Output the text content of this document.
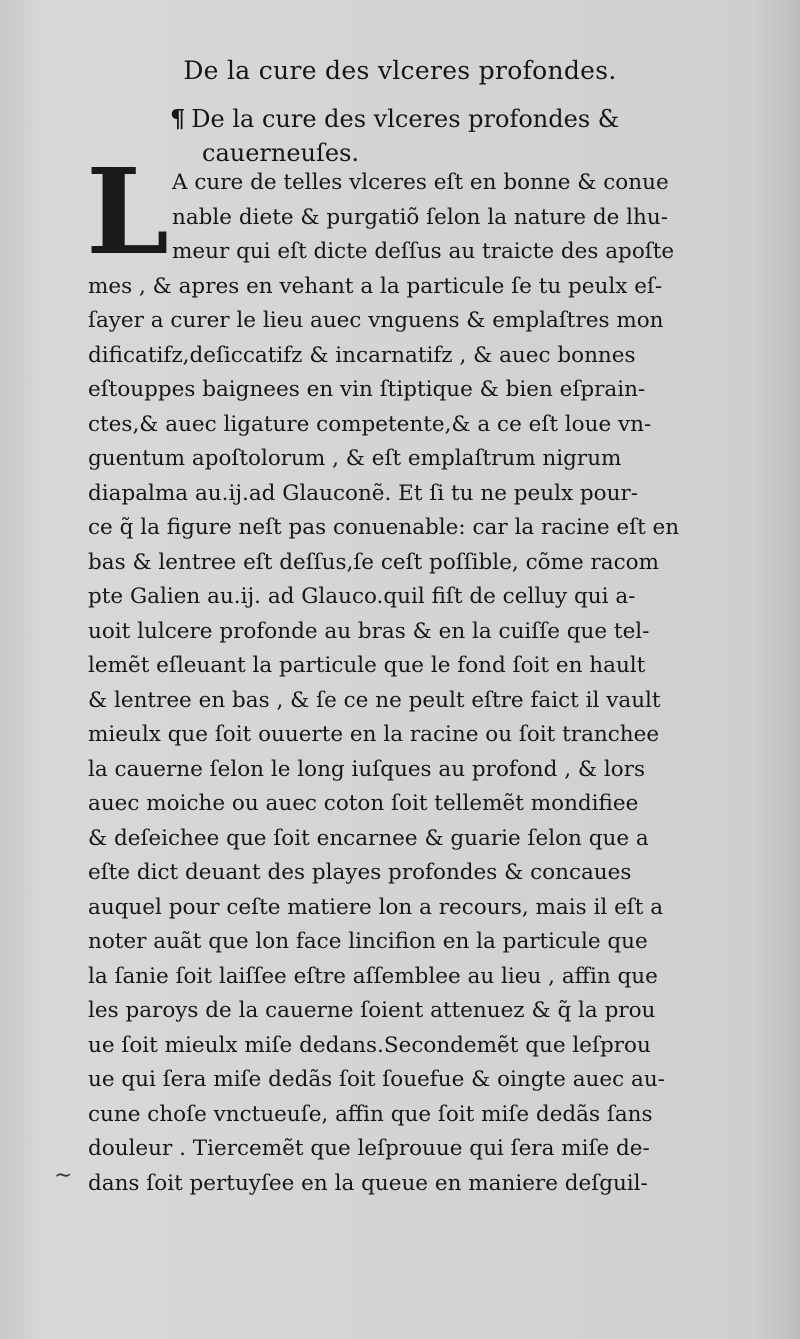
De la cure des vlceres profondes.
¶ De la cure des vlceres profondes &
cauerneuſes.
L A cure de telles vlceres eſt en bonne & conue
nable diete & purgatiõ ſelon la nature de lhu-
meur qui eſt dicte deſſus au traicte des apoſte
mes , & apres en vehant a la particule ſe tu peulx eſ-
ſayer a curer le lieu auec vnguens & emplaſtres mon
dificatifz,deſiccatifz & incarnatifz , & auec bonnes
eſtouppes baignees en vin ſtiptique & bien eſprain-
ctes,& auec ligature competente,& a ce eſt loue vn-
guentum apoſtolorum , & eſt emplaſtrum nigrum
diapalma au.ij.ad Glauconẽ. Et ſi tu ne peulx pour-
ce q̃ la figure neſt pas conuenable: car la racine eſt en
bas & lentree eſt deſſus,ſe ceſt poſſible, cõme racom
pte Galien au.ij. ad Glauco.quil fiſt de celluy qui a-
uoit lulcere profonde au bras & en la cuiſſe que tel-
lemẽt eſleuant la particule que le fond ſoit en hault
& lentree en bas , & ſe ce ne peult eſtre faict il vault
mieulx que ſoit ouuerte en la racine ou ſoit tranchee
la cauerne ſelon le long iuſques au profond , & lors
auec moiche ou auec coton ſoit tellemẽt mondifiee
& deſeichee que ſoit encarnee & guarie ſelon que a
eſte dict deuant des playes profondes & concaues
auquel pour ceſte matiere lon a recours, mais il eſt a
noter auãt que lon face lincifion en la particule que
la ſanie ſoit laiſſee eſtre aſſemblee au lieu , affin que
les paroys de la cauerne ſoient attenuez & q̃ la prou
ue ſoit mieulx miſe dedans.Secondemẽt que leſprou
ue qui ſera miſe dedãs ſoit ſouefue & oingte auec au-
cune choſe vnctueuſe, affin que ſoit miſe dedãs ſans
douleur . Tiercemẽt que leſprouue qui ſera miſe de-
dans ſoit pertuyſee en la queue en maniere deſguil-
∼
